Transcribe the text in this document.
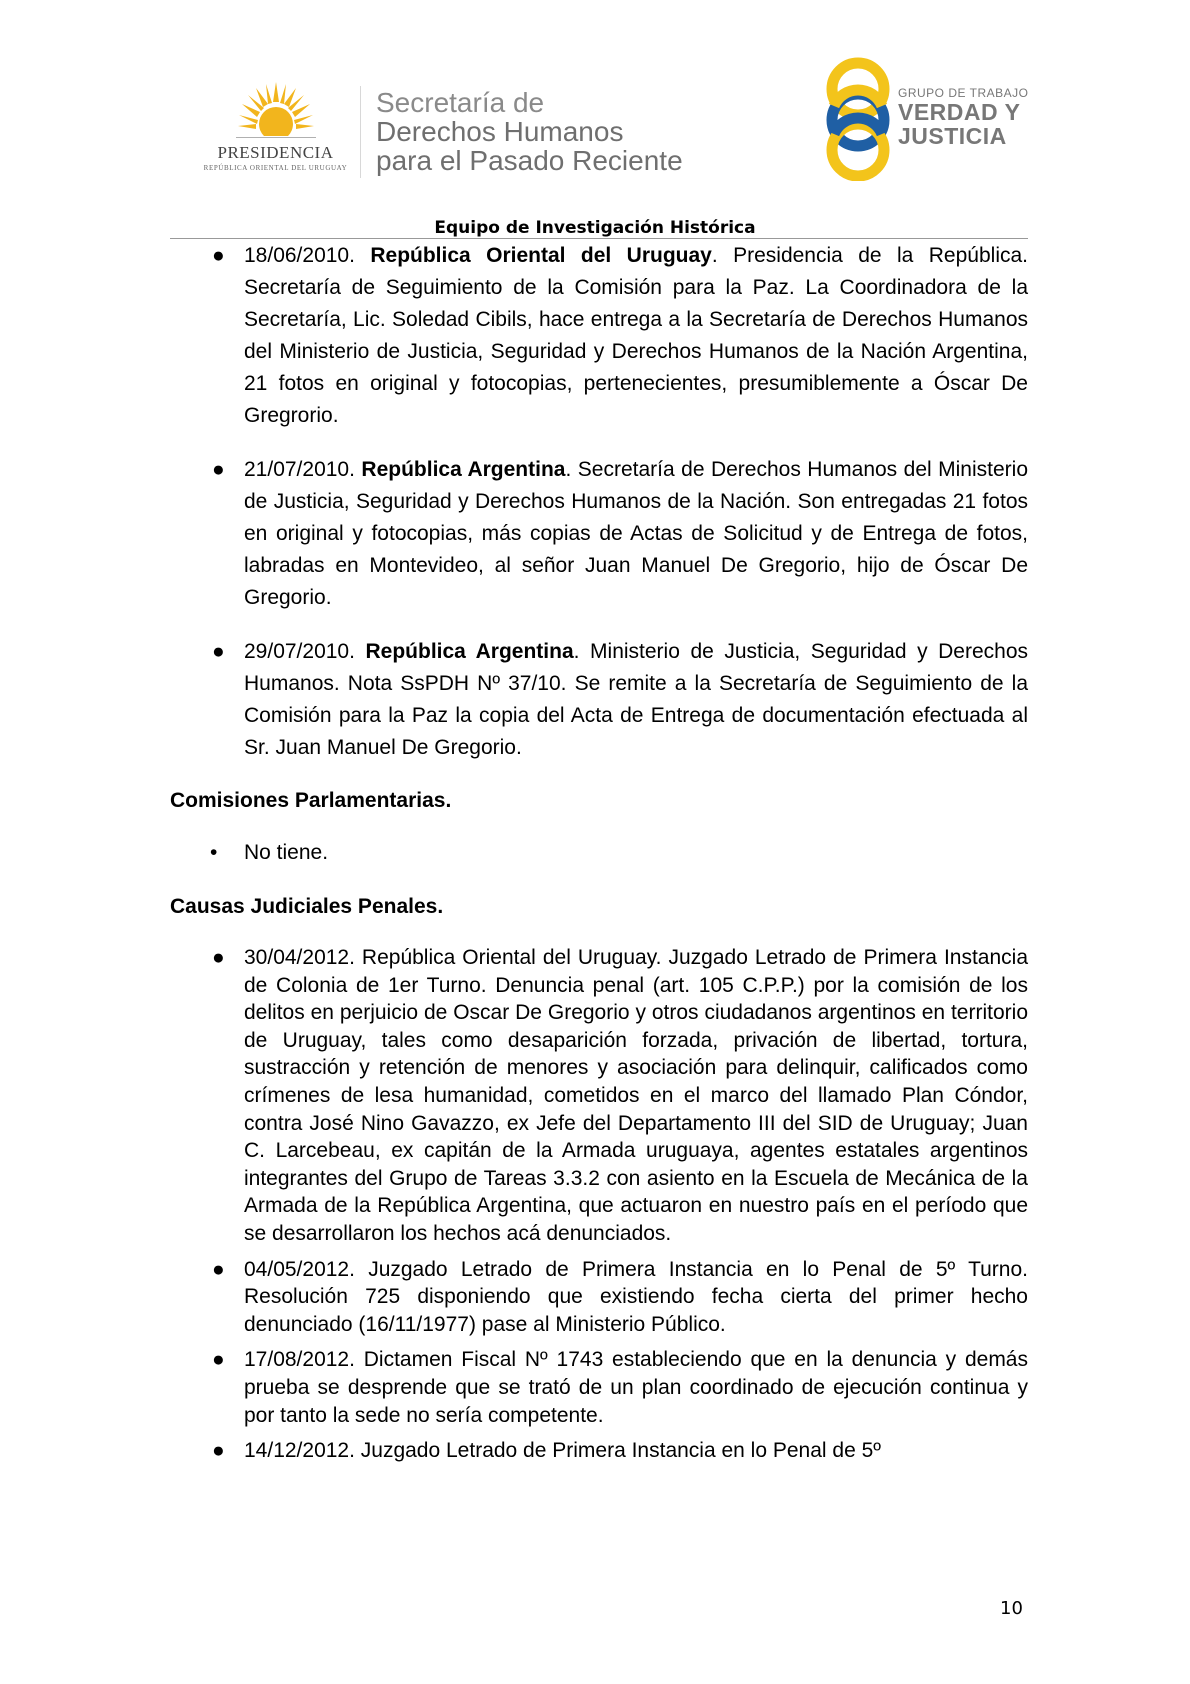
PRESIDENCIA
REPÚBLICA ORIENTAL DEL URUGUAY
Secretaría de
Derechos Humanos
para el Pasado Reciente
GRUPO DE TRABAJO
VERDAD Y
JUSTICIA
Equipo de Investigación Histórica
● 18/06/2010. República Oriental del Uruguay. Presidencia de la República. Secretaría de Seguimiento de la Comisión para la Paz. La Coordinadora de la Secretaría, Lic. Soledad Cibils, hace entrega a la Secretaría de Derechos Humanos del Ministerio de Justicia, Seguridad y Derechos Humanos de la Nación Argentina, 21 fotos en original y fotocopias, pertenecientes, presumiblemente a Óscar De Gregrorio.
● 21/07/2010. República Argentina. Secretaría de Derechos Humanos del Ministerio de Justicia, Seguridad y Derechos Humanos de la Nación. Son entregadas 21 fotos en original y fotocopias, más copias de Actas de Solicitud y de Entrega de fotos, labradas en Montevideo, al señor Juan Manuel De Gregorio, hijo de Óscar De Gregorio.
● 29/07/2010. República Argentina. Ministerio de Justicia, Seguridad y Derechos Humanos. Nota SsPDH Nº 37/10. Se remite a la Secretaría de Seguimiento de la Comisión para la Paz la copia del Acta de Entrega de documentación efectuada al Sr. Juan Manuel De Gregorio.
Comisiones Parlamentarias.
• No tiene.
Causas Judiciales Penales.
● 30/04/2012. República Oriental del Uruguay. Juzgado Letrado de Primera Instancia de Colonia de 1er Turno. Denuncia penal (art. 105 C.P.P.) por la comisión de los delitos en perjuicio de Oscar De Gregorio y otros ciudadanos argentinos en territorio de Uruguay, tales como desaparición forzada, privación de libertad, tortura, sustracción y retención de menores y asociación para delinquir, calificados como crímenes de lesa humanidad, cometidos en el marco del llamado Plan Cóndor, contra José Nino Gavazzo, ex Jefe del Departamento III del SID de Uruguay; Juan C. Larcebeau, ex capitán de la Armada uruguaya, agentes estatales argentinos integrantes del Grupo de Tareas 3.3.2 con asiento en la Escuela de Mecánica de la Armada de la República Argentina, que actuaron en nuestro país en el período que se desarrollaron los hechos acá denunciados.
● 04/05/2012. Juzgado Letrado de Primera Instancia en lo Penal de 5º Turno. Resolución 725 disponiendo que existiendo fecha cierta del primer hecho denunciado (16/11/1977) pase al Ministerio Público.
● 17/08/2012. Dictamen Fiscal Nº 1743 estableciendo que en la denuncia y demás prueba se desprende que se trató de un plan coordinado de ejecución continua y por tanto la sede no sería competente.
● 14/12/2012. Juzgado Letrado de Primera Instancia en lo Penal de 5º
10
